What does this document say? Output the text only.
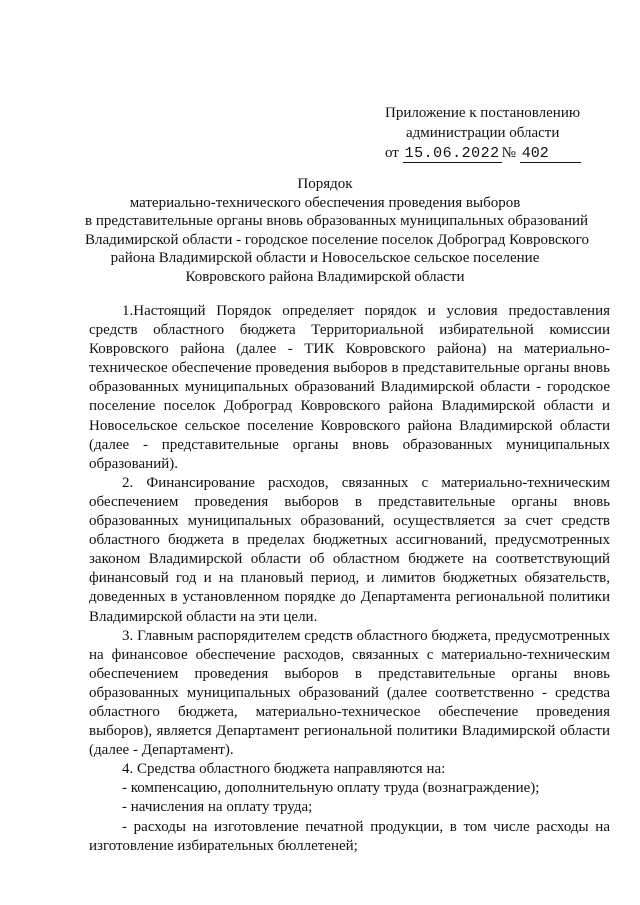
Приложение к постановлению
администрации области
от 15.06.2022 № 402
Порядок
материально-технического обеспечения проведения выборов
в представительные органы вновь образованных муниципальных образований
Владимирской области - городское поселение поселок Доброград Ковровского
района Владимирской области и Новосельское сельское поселение
Ковровского района Владимирской области

1.Настоящий Порядок определяет порядок и условия предоставления средств областного бюджета Территориальной избирательной комиссии Ковровского района (далее - ТИК Ковровского района) на материально-техническое обеспечение проведения выборов в представительные органы вновь образованных муниципальных образований Владимирской области - городское поселение поселок Доброград Ковровского района Владимирской области и Новосельское сельское поселение Ковровского района Владимирской области (далее - представительные органы вновь образованных муниципальных образований).

2. Финансирование расходов, связанных с материально-техническим обеспечением проведения выборов в представительные органы вновь образованных муниципальных образований, осуществляется за счет средств областного бюджета в пределах бюджетных ассигнований, предусмотренных законом Владимирской области об областном бюджете на соответствующий финансовый год и на плановый период, и лимитов бюджетных обязательств, доведенных в установленном порядке до Департамента региональной политики Владимирской области на эти цели.

3. Главным распорядителем средств областного бюджета, предусмотренных на финансовое обеспечение расходов, связанных с материально-техническим обеспечением проведения выборов в представительные органы вновь образованных муниципальных образований (далее соответственно - средства областного бюджета, материально-техническое обеспечение проведения выборов), является Департамент региональной политики Владимирской области (далее - Департамент).

4. Средства областного бюджета направляются на:

- компенсацию, дополнительную оплату труда (вознаграждение);

- начисления на оплату труда;

- расходы на изготовление печатной продукции, в том числе расходы на изготовление избирательных бюллетеней;
